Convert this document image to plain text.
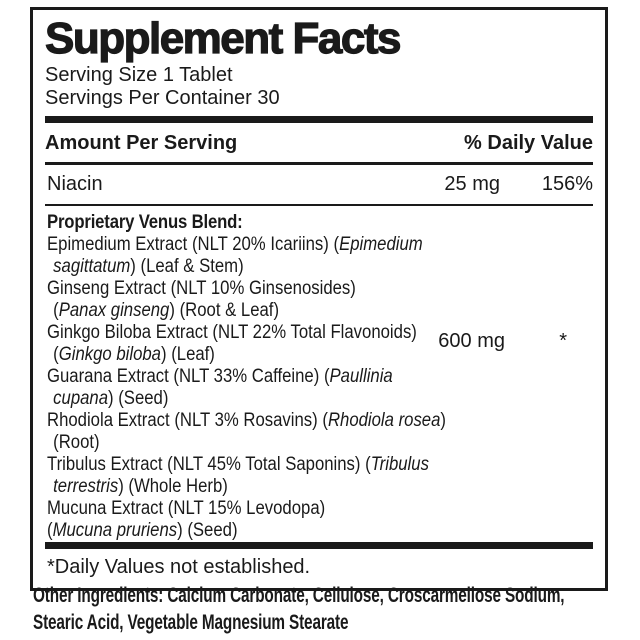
Supplement Facts
Serving Size 1 Tablet
Servings Per Container 30
Amount Per Serving	% Daily Value
Niacin	25 mg 156%
Proprietary Venus Blend:
Epimedium Extract (NLT 20% Icariins) (Epimedium
sagittatum) (Leaf & Stem)
Ginseng Extract (NLT 10% Ginsenosides)
(Panax ginseng) (Root & Leaf)
Ginkgo Biloba Extract (NLT 22% Total Flavonoids)
(Ginkgo biloba) (Leaf)
Guarana Extract (NLT 33% Caffeine) (Paullinia
cupana) (Seed)
Rhodiola Extract (NLT 3% Rosavins) (Rhodiola rosea)
(Root)
Tribulus Extract (NLT 45% Total Saponins) (Tribulus
terrestris) (Whole Herb)
Mucuna Extract (NLT 15% Levodopa)
(Mucuna pruriens) (Seed)
600 mg	*
*Daily Values not established.
Other Ingredients: Calcium Carbonate, Cellulose, Croscarmellose Sodium,
Stearic Acid, Vegetable Magnesium Stearate
